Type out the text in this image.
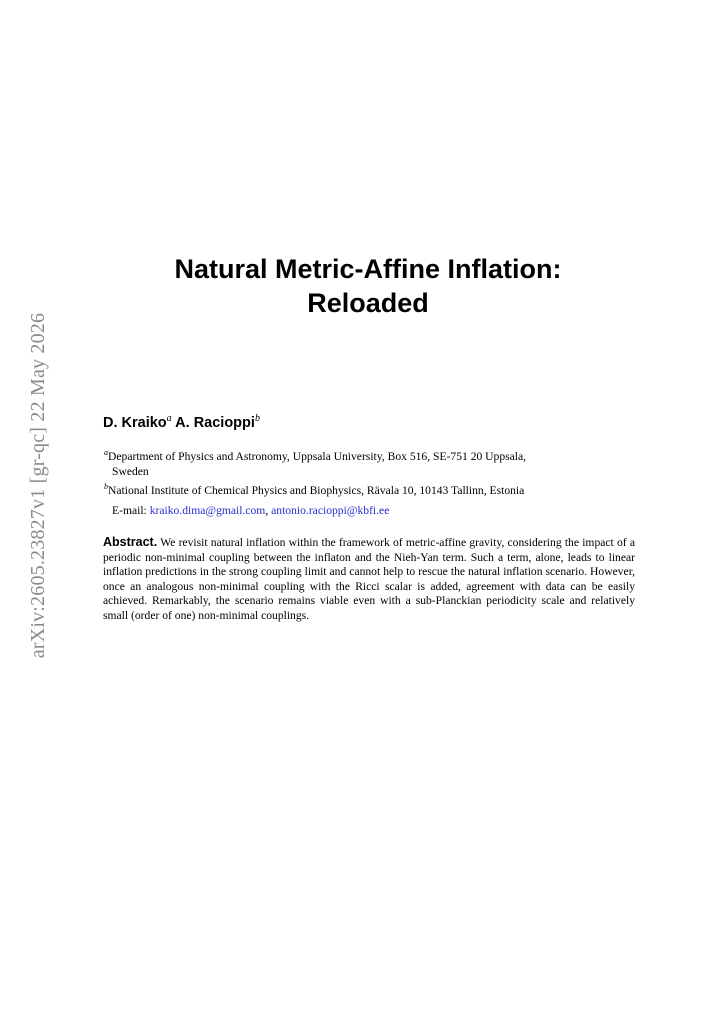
arXiv:2605.23827v1 [gr-qc] 22 May 2026
Natural Metric-Affine Inflation:
Reloaded
D. Kraiko$^a$ A. Racioppi$^b$
$^a$Department of Physics and Astronomy, Uppsala University, Box 516, SE-751 20 Uppsala,
Sweden
$^b$National Institute of Chemical Physics and Biophysics, Rävala 10, 10143 Tallinn, Estonia
E-mail: kraiko.dima@gmail.com, antonio.racioppi@kbfi.ee
Abstract. We revisit natural inflation within the framework of metric-affine gravity, considering the impact of a periodic non-minimal coupling between the inflaton and the Nieh-Yan term. Such a term, alone, leads to linear inflation predictions in the strong coupling limit and cannot help to rescue the natural inflation scenario. However, once an analogous non-minimal coupling with the Ricci scalar is added, agreement with data can be easily achieved. Remarkably, the scenario remains viable even with a sub-Planckian periodicity scale and relatively small (order of one) non-minimal couplings.
